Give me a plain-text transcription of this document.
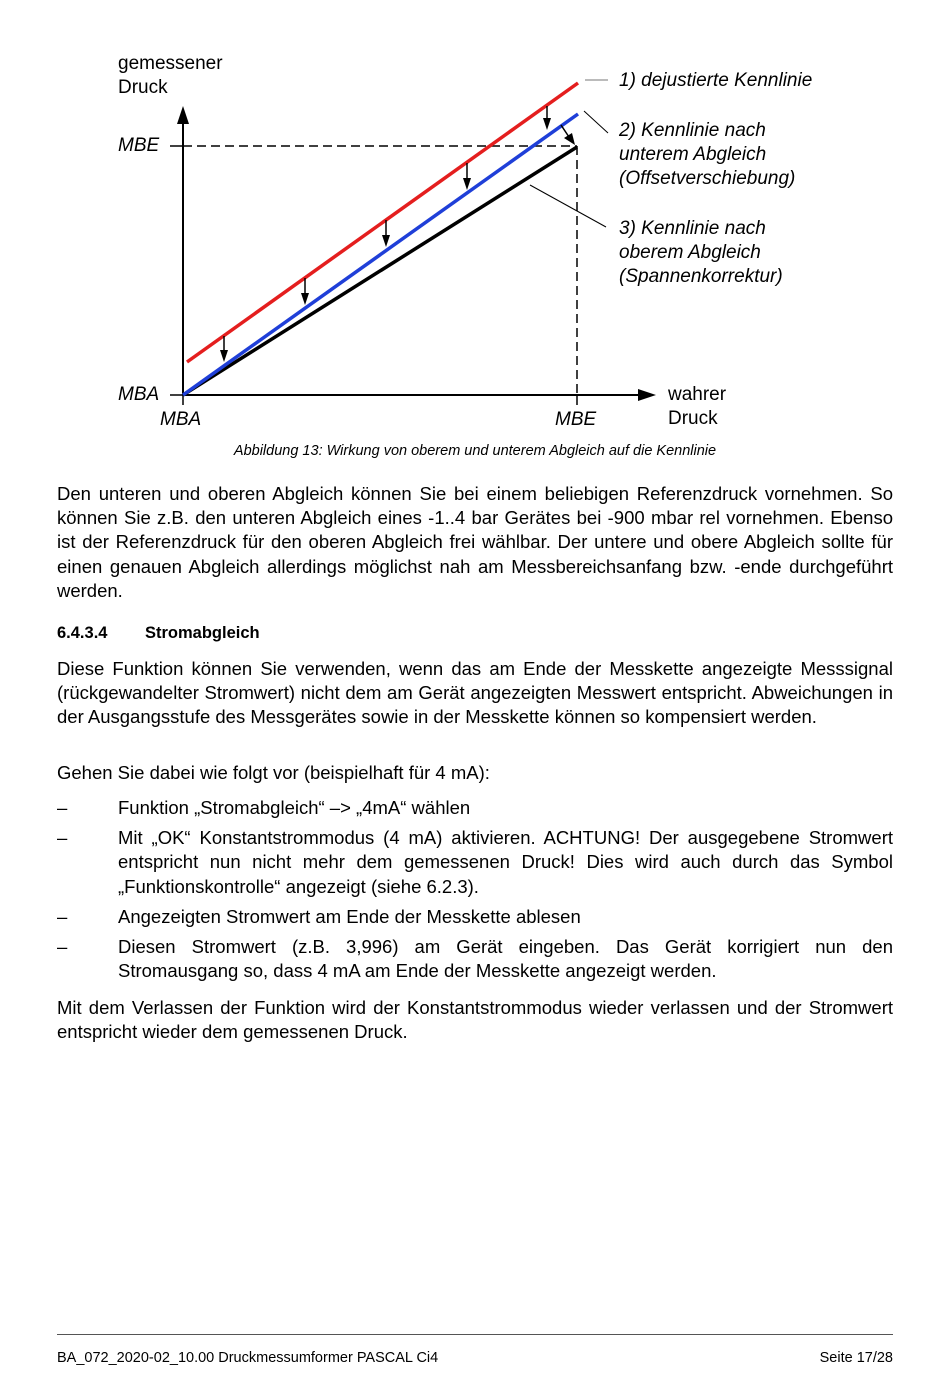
gemessener
Druck
MBE
MBA
MBA	MBE
wahrer
Druck
1) dejustierte Kennlinie
2) Kennlinie nach
unterem Abgleich
(Offsetverschiebung)
3) Kennlinie nach
oberem Abgleich
(Spannenkorrektur)
Abbildung 13: Wirkung von oberem und unterem Abgleich auf die Kennlinie
Den unteren und oberen Abgleich können Sie bei einem beliebigen Referenzdruck vornehmen. So können Sie z.B. den unteren Abgleich eines -1..4 bar Gerätes bei -900 mbar rel vornehmen. Ebenso ist der Referenzdruck für den oberen Abgleich frei wählbar. Der untere und obere Abgleich sollte für einen genauen Abgleich allerdings möglichst nah am Messbereichsanfang bzw. -ende durchgeführt werden.
6.4.3.4 Stromabgleich
Diese Funktion können Sie verwenden, wenn das am Ende der Messkette angezeigte Messsignal (rückgewandelter Stromwert) nicht dem am Gerät angezeigten Messwert entspricht. Abweichungen in der Ausgangsstufe des Messgerätes sowie in der Messkette können so kompensiert werden.
Gehen Sie dabei wie folgt vor (beispielhaft für 4 mA):
–	Funktion „Stromabgleich“ –> „4mA“ wählen
–	Mit „OK“ Konstantstrommodus (4 mA) aktivieren. ACHTUNG! Der ausgegebene Stromwert entspricht nun nicht mehr dem gemessenen Druck! Dies wird auch durch das Symbol „Funktionskontrolle“ angezeigt (siehe 6.2.3).
–	Angezeigten Stromwert am Ende der Messkette ablesen
–	Diesen Stromwert (z.B. 3,996) am Gerät eingeben. Das Gerät korrigiert nun den Stromausgang so, dass 4 mA am Ende der Messkette angezeigt werden.
Mit dem Verlassen der Funktion wird der Konstantstrommodus wieder verlassen und der Stromwert entspricht wieder dem gemessenen Druck.
BA_072_2020-02_10.00 Druckmessumformer PASCAL Ci4	Seite 17/28
